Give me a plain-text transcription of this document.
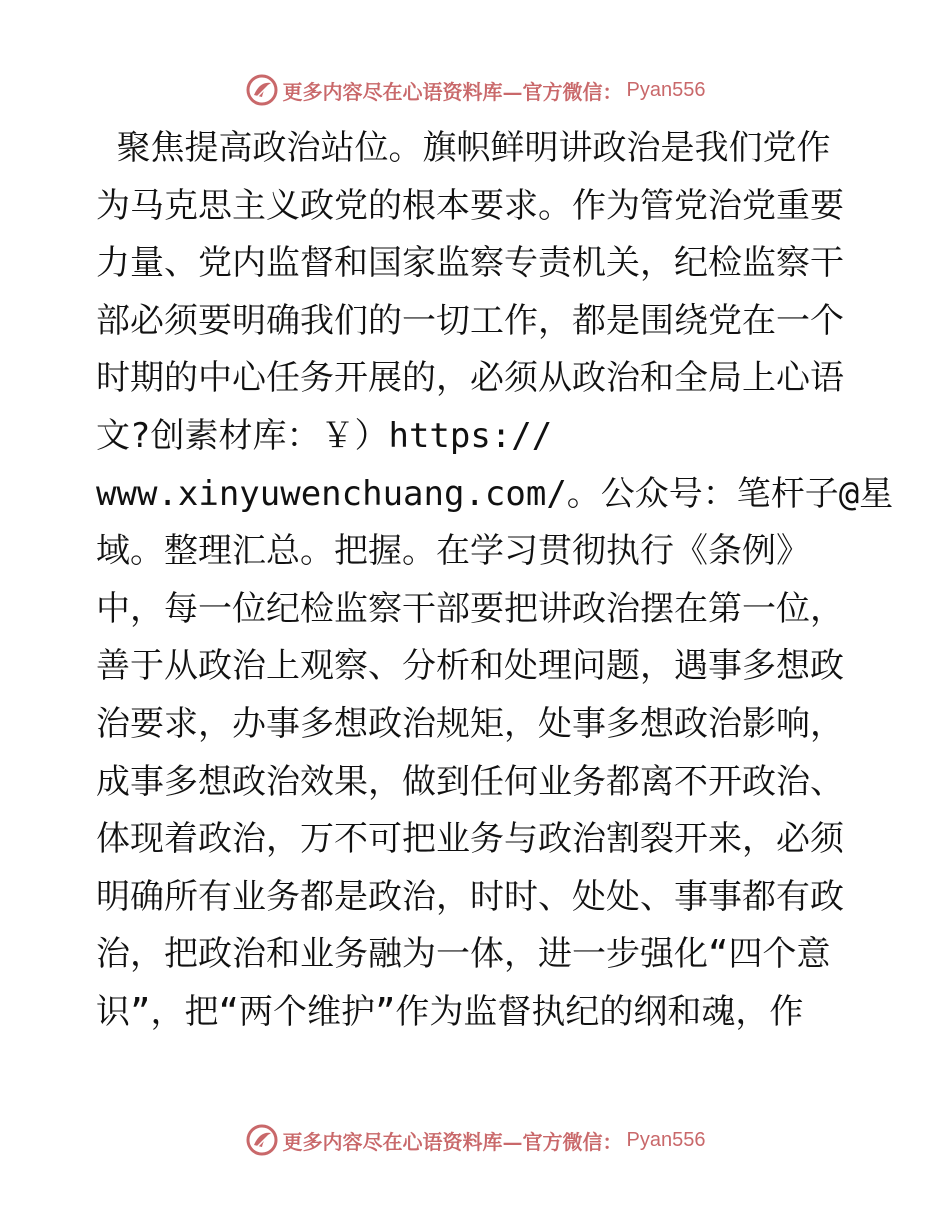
更多内容尽在心语资料库—官方微信： Pyan556
聚焦提高政治站位。旗帜鲜明讲政治是我们党作
为马克思主义政党的根本要求。作为管党治党重要
力量、党内监督和国家监察专责机关，纪检监察干
部必须要明确我们的一切工作，都是围绕党在一个
时期的中心任务开展的，必须从政治和全局上心语
文?创素材库：￥）https://
www.xinyuwenchuang.com/。公众号：笔杆子@星
域。整理汇总。把握。在学习贯彻执行《条例》
中，每一位纪检监察干部要把讲政治摆在第一位，
善于从政治上观察、分析和处理问题，遇事多想政
治要求，办事多想政治规矩，处事多想政治影响，
成事多想政治效果，做到任何业务都离不开政治、
体现着政治，万不可把业务与政治割裂开来，必须
明确所有业务都是政治，时时、处处、事事都有政
治，把政治和业务融为一体，进一步强化“四个意
识”，把“两个维护”作为监督执纪的纲和魂，作
更多内容尽在心语资料库—官方微信： Pyan556
